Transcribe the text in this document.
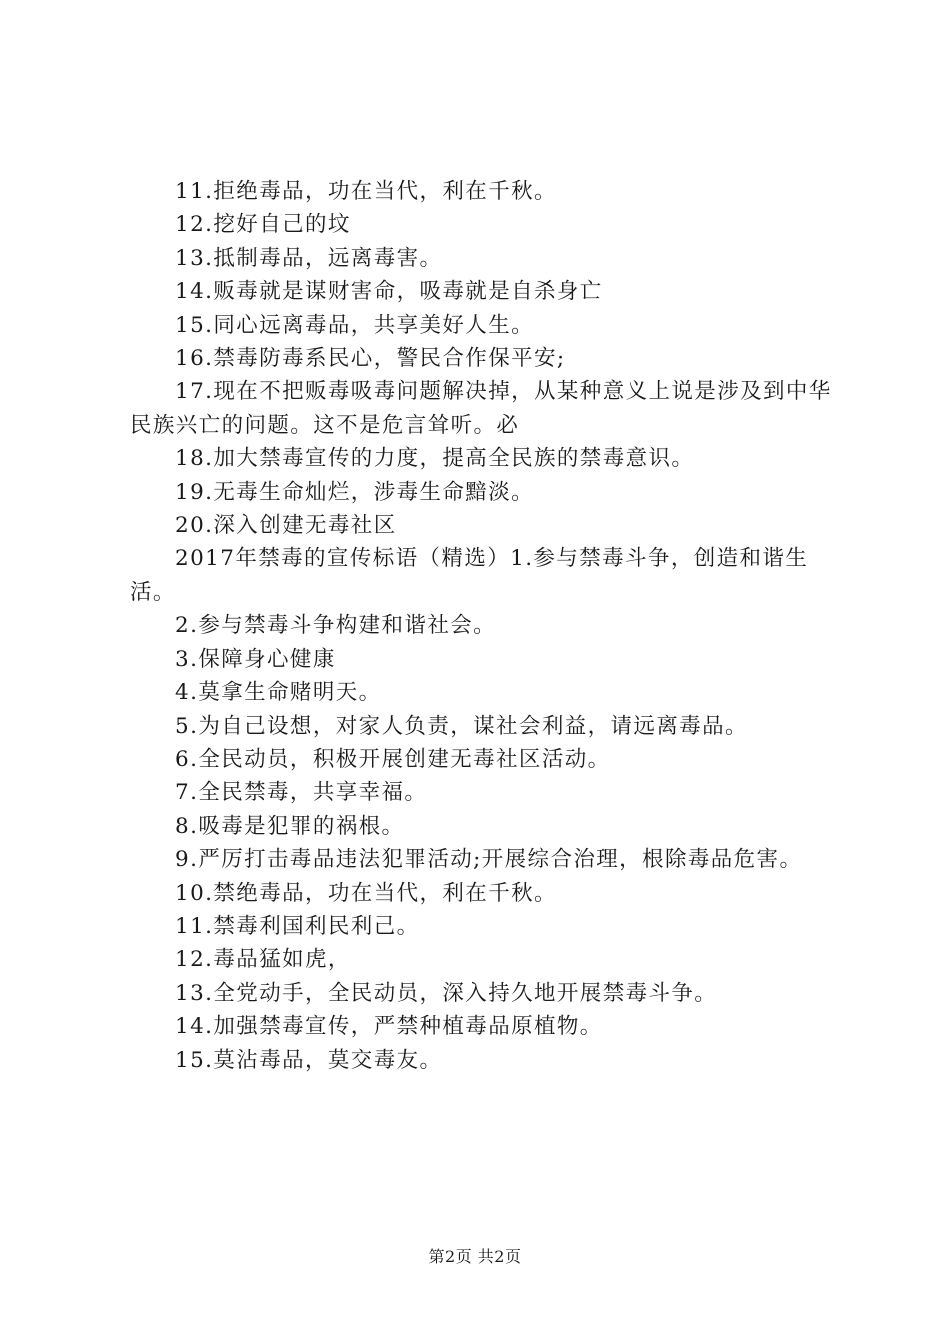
11.拒绝毒品，功在当代，利在千秋。

12.挖好自己的坟

13.抵制毒品，远离毒害。

14.贩毒就是谋财害命，吸毒就是自杀身亡

15.同心远离毒品，共享美好人生。

16.禁毒防毒系民心，警民合作保平安;

17.现在不把贩毒吸毒问题解决掉，从某种意义上说是涉及到中华民族兴亡的问题。这不是危言耸听。必

18.加大禁毒宣传的力度，提高全民族的禁毒意识。

19.无毒生命灿烂，涉毒生命黯淡。

20.深入创建无毒社区

2017年禁毒的宣传标语（精选）1.参与禁毒斗争，创造和谐生活。

2.参与禁毒斗争构建和谐社会。

3.保障身心健康

4.莫拿生命赌明天。

5.为自己设想，对家人负责，谋社会利益，请远离毒品。

6.全民动员，积极开展创建无毒社区活动。

7.全民禁毒，共享幸福。

8.吸毒是犯罪的祸根。

9.严厉打击毒品违法犯罪活动;开展综合治理，根除毒品危害。

10.禁绝毒品，功在当代，利在千秋。

11.禁毒利国利民利己。

12.毒品猛如虎，

13.全党动手，全民动员，深入持久地开展禁毒斗争。

14.加强禁毒宣传，严禁种植毒品原植物。

15.莫沾毒品，莫交毒友。

第2页 共2页
